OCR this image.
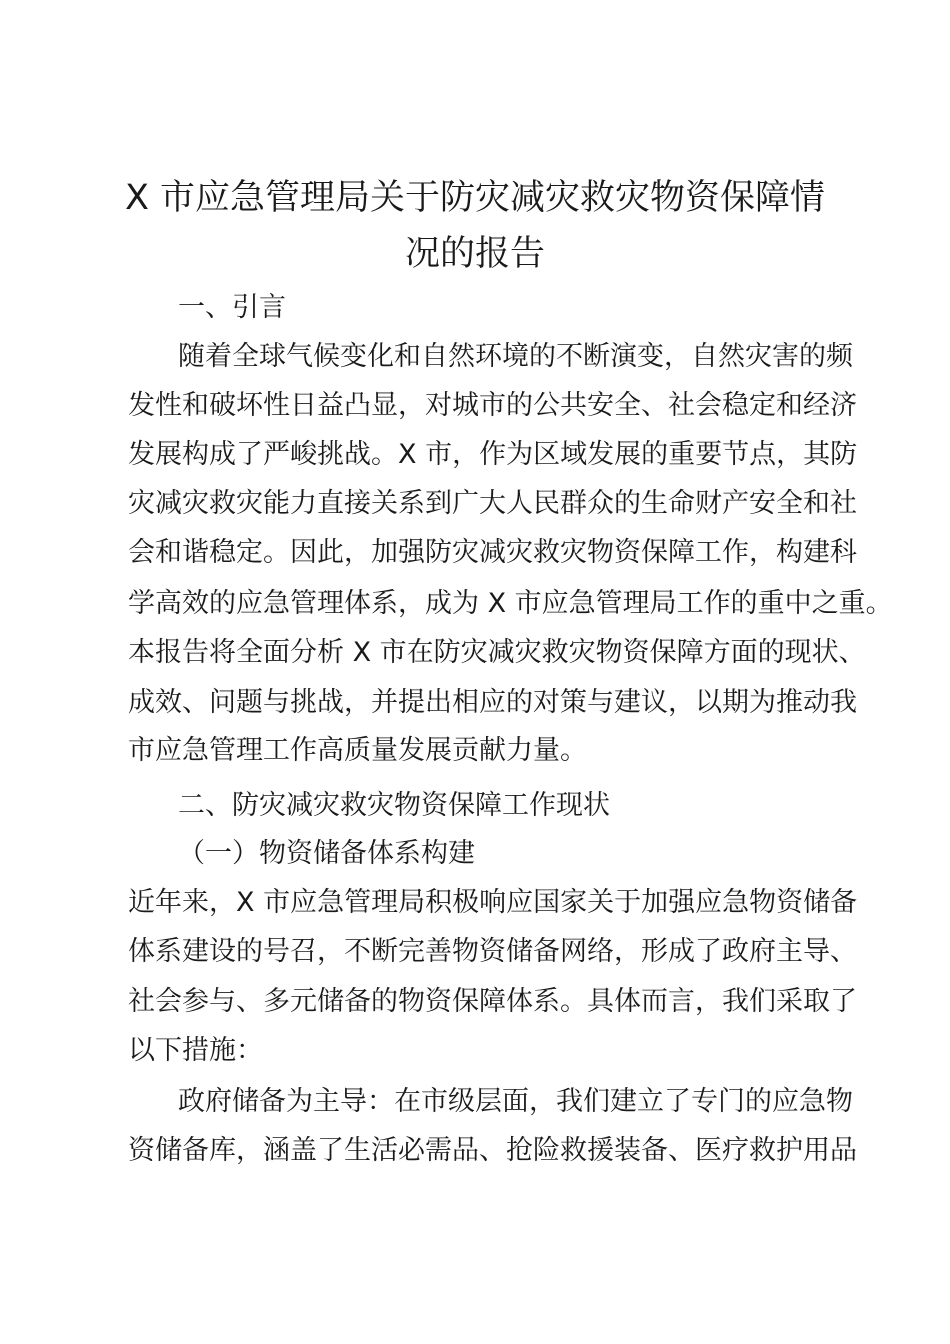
X 市应急管理局关于防灾减灾救灾物资保障情
况的报告

一、引言

随着全球气候变化和自然环境的不断演变，自然灾害的频

发性和破坏性日益凸显，对城市的公共安全、社会稳定和经济

发展构成了严峻挑战。X 市，作为区域发展的重要节点，其防

灾减灾救灾能力直接关系到广大人民群众的生命财产安全和社

会和谐稳定。因此，加强防灾减灾救灾物资保障工作，构建科

学高效的应急管理体系，成为 X 市应急管理局工作的重中之重。

本报告将全面分析 X 市在防灾减灾救灾物资保障方面的现状、

成效、问题与挑战，并提出相应的对策与建议，以期为推动我

市应急管理工作高质量发展贡献力量。

二、防灾减灾救灾物资保障工作现状

（一）物资储备体系构建

近年来，X 市应急管理局积极响应国家关于加强应急物资储备

体系建设的号召，不断完善物资储备网络，形成了政府主导、

社会参与、多元储备的物资保障体系。具体而言，我们采取了

以下措施：

政府储备为主导：在市级层面，我们建立了专门的应急物

资储备库，涵盖了生活必需品、抢险救援装备、医疗救护用品
